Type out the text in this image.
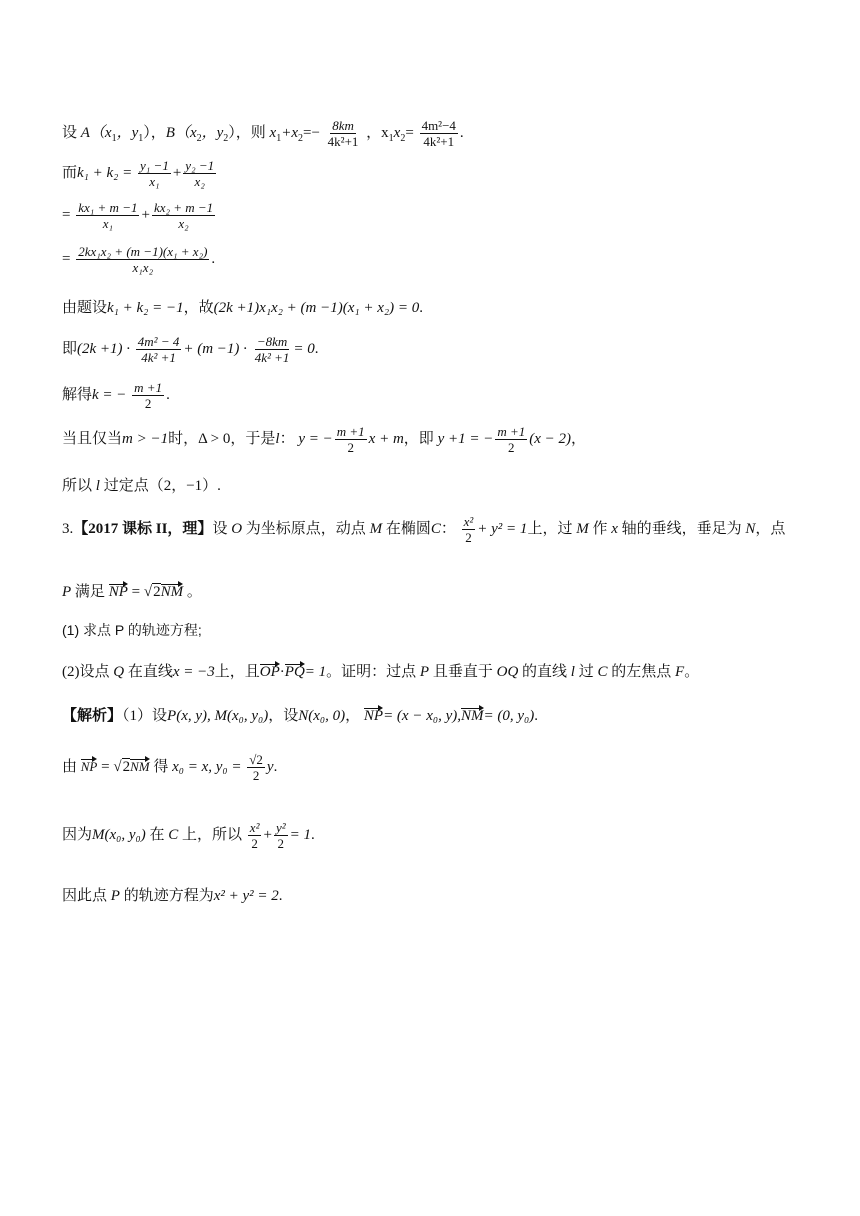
设 $A(x_1$，$y_1$），$B(x_2$，$y_2$），则 $x_1+x_2=- \frac{8km}{\text{4k²+1}}$ ，$x_1x_2= \frac{\text{4m²−4}}{\text{4k²+1}}$ .
而$k_1 + k_2 = \frac{\text{y₁ −1}}{\text{x₁}} + \frac{\text{y₂ −1}}{\text{x₂}}$
= $\frac{\text{kx₁ + m −1}}{\text{x₁}} + \frac{\text{kx₂ + m −1}}{\text{x₂}}$
= $\frac{\text{2kx₁x₂ + (m −1)(x₁ + x₂)}}{\text{x₁x₂}}$ .
由题设k₁ + k₂ = −1，故(2k +1)x₁x₂ + (m −1)(x₁ + x₂) = 0.
即$(2k +1) \cdot \frac{\text{4m² − 4}}{\text{4k² +1}} + (m -1) \cdot \frac{-8km}{\text{4k² +1}} = 0$.
解得k = − $\frac{m +1}{2}$ .
当且仅当m > −1时，Δ > 0，于是l： y = − $\frac{m +1}{2}$ x + m，即 y +1 = − $\frac{m +1}{2} (x - 2)$，
所以 l 过定点（2，−1）.
3.【2017 课标 II，理】设 O 为坐标原点，动点 M 在椭圆C： $\frac{\text{x²}}{2} + y^2 = 1$上，过 M 作 x 轴的垂线，垂足为 N，点
P 满足 NP = √2NM 。
(1) 求点 P 的轨迹方程;
(2)设点 Q 在直线x = −3上，且OP·PQ= 1。证明：过点 P 且垂直于 OQ 的直线 l 过 C 的左焦点 F。
【解析】（1）设P(x, y), M(x₀, y₀)，设N(x₀, 0)， NP= (x − x₀, y),NM= (0, y₀).
由 NP = √2NM 得 x₀ = x, $y_0 = \frac{√2}{2} y$.
因为M(x₀, y₀) 在 C 上，所以 $\frac{\text{x²}}{2} + \frac{\text{y²}}{2} = 1$.
因此点 P 的轨迹方程为x² + y² = 2.
